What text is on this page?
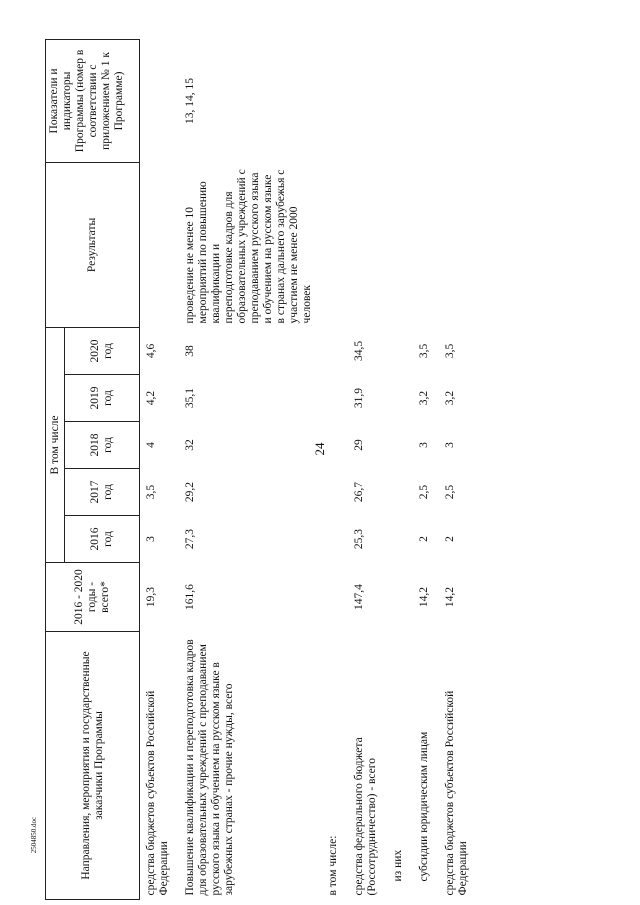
24
2504850.doc	Направления, мероприятия и государственные заказчики Программы	2016 - 2020 годы - всего*	В том числе					Результаты	Показатели и индикаторы Программы (номер в соответствии с приложением № 1 к Программе)
		2016 год	2017 год	2018 год	2019 год	2020 год		
средства бюджетов субъектов Российской Федерации	19,3	3	3,5	4	4,2	4,6		
Повышение квалификации и переподготовка кадров для образовательных учреждений с преподаванием русского языка и обучением на русском языке в зарубежных странах - прочие нужды, всего	161,6	27,3	29,2	32	35,1	38	проведение не менее 10 мероприятий по повышению квалификации и переподготовке кадров для образовательных учреждений с преподаванием русского языка и обучением на русском языке в странах дальнего зарубежья с участием не менее 2000 человек	13, 14, 15
в том числе:								
средства федерального бюджета (Россотрудничество) - всего	147,4	25,3	26,7	29	31,9	34,5		
из них								
субсидии юридическим лицам	14,2	2	2,5	3	3,2	3,5		
средства бюджетов субъектов Российской Федерации	14,2	2	2,5	3	3,2	3,5		
